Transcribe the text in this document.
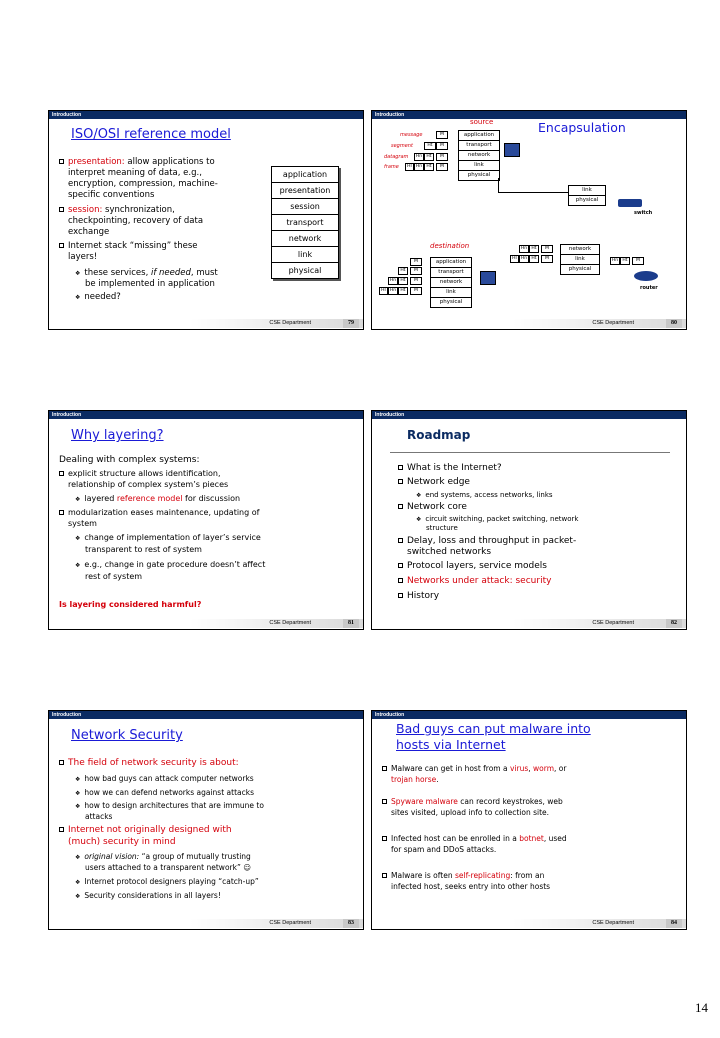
Introduction
ISO/OSI reference model
presentation: allow applications to
interpret meaning of data, e.g.,
encryption, compression, machine-
specific conventions
session: synchronization,
checkpointing, recovery of data
exchange
Internet stack “missing” these
layers!
❖ these services, if needed, must
be implemented in application
❖ needed?
application
presentation
session
transport
network
link
physical
CSE Department	79
Introduction
Encapsulation
source
message
segment
datagram
frame
M
Ht	M
Hn Ht	M
Hl Hn Ht	M
application
transport
network
link
physical
link
physical
switch
destination
M
Ht	M
Hn Ht	M
Hl Hn Ht	M
application
transport
network
link
physical
Hn Ht	M
Hl Hn Ht	M
network
link
physical
Hn Ht	M
router
CSE Department	80
Introduction
Why layering?
Dealing with complex systems:
explicit structure allows identification,
relationship of complex system’s pieces
❖ layered reference model for discussion
modularization eases maintenance, updating of
system
❖ change of implementation of layer’s service
transparent to rest of system
❖ e.g., change in gate procedure doesn’t affect
rest of system
Is layering considered harmful?
CSE Department	81
Introduction
Roadmap
What is the Internet?
Network edge
❖ end systems, access networks, links
Network core
❖ circuit switching, packet switching, network
structure
Delay, loss and throughput in packet-
switched networks
Protocol layers, service models
Networks under attack: security
History
CSE Department	82
Introduction
Network Security
The field of network security is about:
❖ how bad guys can attack computer networks
❖ how we can defend networks against attacks
❖ how to design architectures that are immune to
attacks
Internet not originally designed with
(much) security in mind
❖ original vision: “a group of mutually trusting
users attached to a transparent network” ☺
❖ Internet protocol designers playing “catch-up”
❖ Security considerations in all layers!
CSE Department	83
Introduction
Bad guys can put malware into
hosts via Internet
Malware can get in host from a virus, worm, or
trojan horse.
Spyware malware can record keystrokes, web
sites visited, upload info to collection site.
Infected host can be enrolled in a botnet, used
for spam and DDoS attacks.
Malware is often self-replicating: from an
infected host, seeks entry into other hosts
CSE Department	84
14
